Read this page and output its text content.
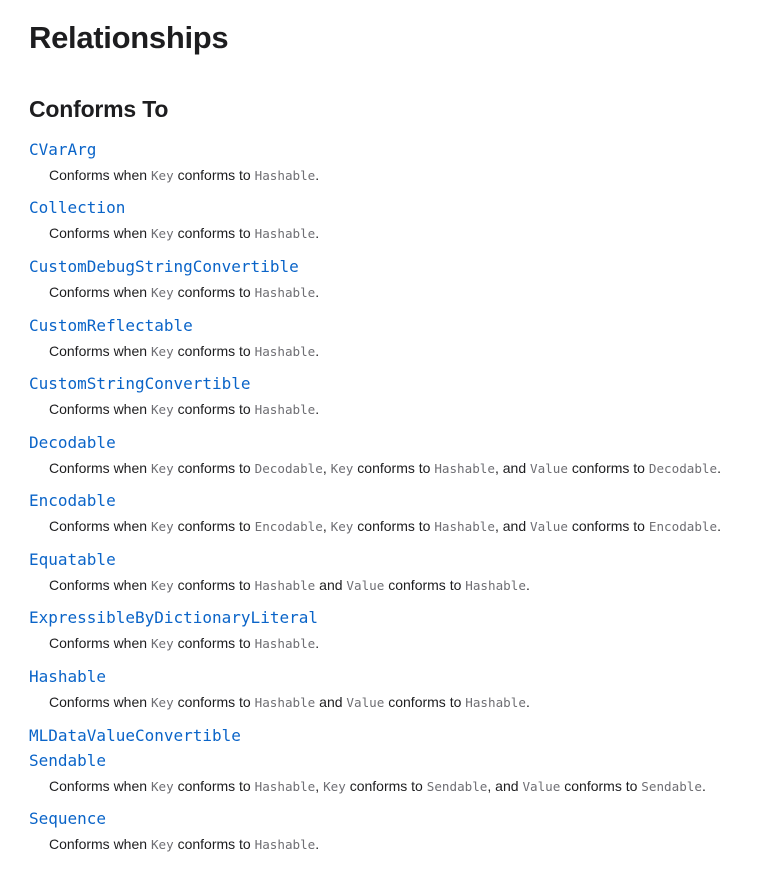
Relationships
Conforms To
CVarArg
Conforms when Key conforms to Hashable.
Collection
Conforms when Key conforms to Hashable.
CustomDebugStringConvertible
Conforms when Key conforms to Hashable.
CustomReflectable
Conforms when Key conforms to Hashable.
CustomStringConvertible
Conforms when Key conforms to Hashable.
Decodable
Conforms when Key conforms to Decodable, Key conforms to Hashable, and Value conforms to Decodable.
Encodable
Conforms when Key conforms to Encodable, Key conforms to Hashable, and Value conforms to Encodable.
Equatable
Conforms when Key conforms to Hashable and Value conforms to Hashable.
ExpressibleByDictionaryLiteral
Conforms when Key conforms to Hashable.
Hashable
Conforms when Key conforms to Hashable and Value conforms to Hashable.
MLDataValueConvertible
Sendable
Conforms when Key conforms to Hashable, Key conforms to Sendable, and Value conforms to Sendable.
Sequence
Conforms when Key conforms to Hashable.
